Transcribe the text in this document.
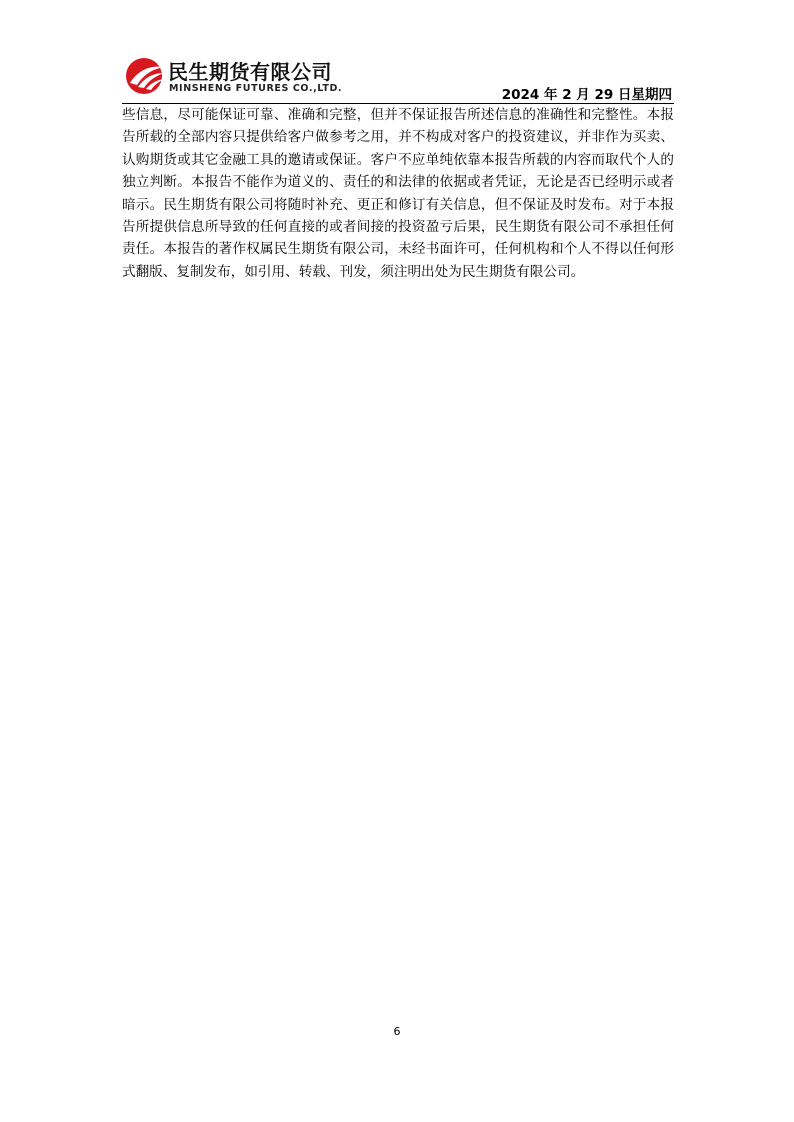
民生期货有限公司
MINSHENG FUTURES CO.,LTD.	2024 年 2 月 29 日星期四

些信息，尽可能保证可靠、准确和完整，但并不保证报告所述信息的准确性和完整性。本报告所载的全部内容只提供给客户做参考之用，并不构成对客户的投资建议，并非作为买卖、认购期货或其它金融工具的邀请或保证。客户不应单纯依靠本报告所载的内容而取代个人的独立判断。本报告不能作为道义的、责任的和法律的依据或者凭证，无论是否已经明示或者暗示。民生期货有限公司将随时补充、更正和修订有关信息，但不保证及时发布。对于本报告所提供信息所导致的任何直接的或者间接的投资盈亏后果，民生期货有限公司不承担任何责任。本报告的著作权属民生期货有限公司，未经书面许可，任何机构和个人不得以任何形式翻版、复制发布，如引用、转载、刊发，须注明出处为民生期货有限公司。

6
